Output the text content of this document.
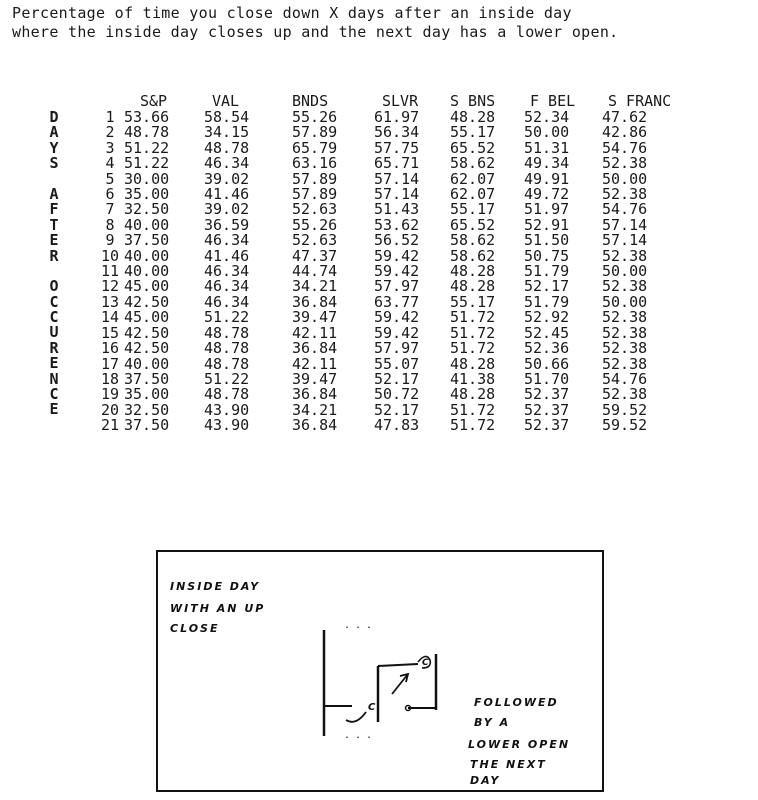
Percentage of time you close down X days after an inside day
where the inside day closes up and the next day has a lower open.
D
A
Y
S
A
F
T
E
R
O
C
C
U
R
E
N
C
E
	S&P	VAL	BNDS	SLVR	S BNS	F BEL	S FRANC
1	53.66	58.54	55.26	61.97	48.28	52.34	47.62
2	48.78	34.15	57.89	56.34	55.17	50.00	42.86
3	51.22	48.78	65.79	57.75	65.52	51.31	54.76
4	51.22	46.34	63.16	65.71	58.62	49.34	52.38
5	30.00	39.02	57.89	57.14	62.07	49.91	50.00
6	35.00	41.46	57.89	57.14	62.07	49.72	52.38
7	32.50	39.02	52.63	51.43	55.17	51.97	54.76
8	40.00	36.59	55.26	53.62	65.52	52.91	57.14
9	37.50	46.34	52.63	56.52	58.62	51.50	57.14
10	40.00	41.46	47.37	59.42	58.62	50.75	52.38
11	40.00	46.34	44.74	59.42	48.28	51.79	50.00
12	45.00	46.34	34.21	57.97	48.28	52.17	52.38
13	42.50	46.34	36.84	63.77	55.17	51.79	50.00
14	45.00	51.22	39.47	59.42	51.72	52.92	52.38
15	42.50	48.78	42.11	59.42	51.72	52.45	52.38
16	42.50	48.78	36.84	57.97	51.72	52.36	52.38
17	40.00	48.78	42.11	55.07	48.28	50.66	52.38
18	37.50	51.22	39.47	52.17	41.38	51.70	54.76
19	35.00	48.78	36.84	50.72	48.28	52.37	52.38
20	32.50	43.90	34.21	52.17	51.72	52.37	59.52
21	37.50	43.90	36.84	47.83	51.72	52.37	59.52
INSIDE DAY
WITH AN UP
CLOSE	...
...
C
C
FOLLOWED
BY A
LOWER OPEN
THE NEXT
DAY
